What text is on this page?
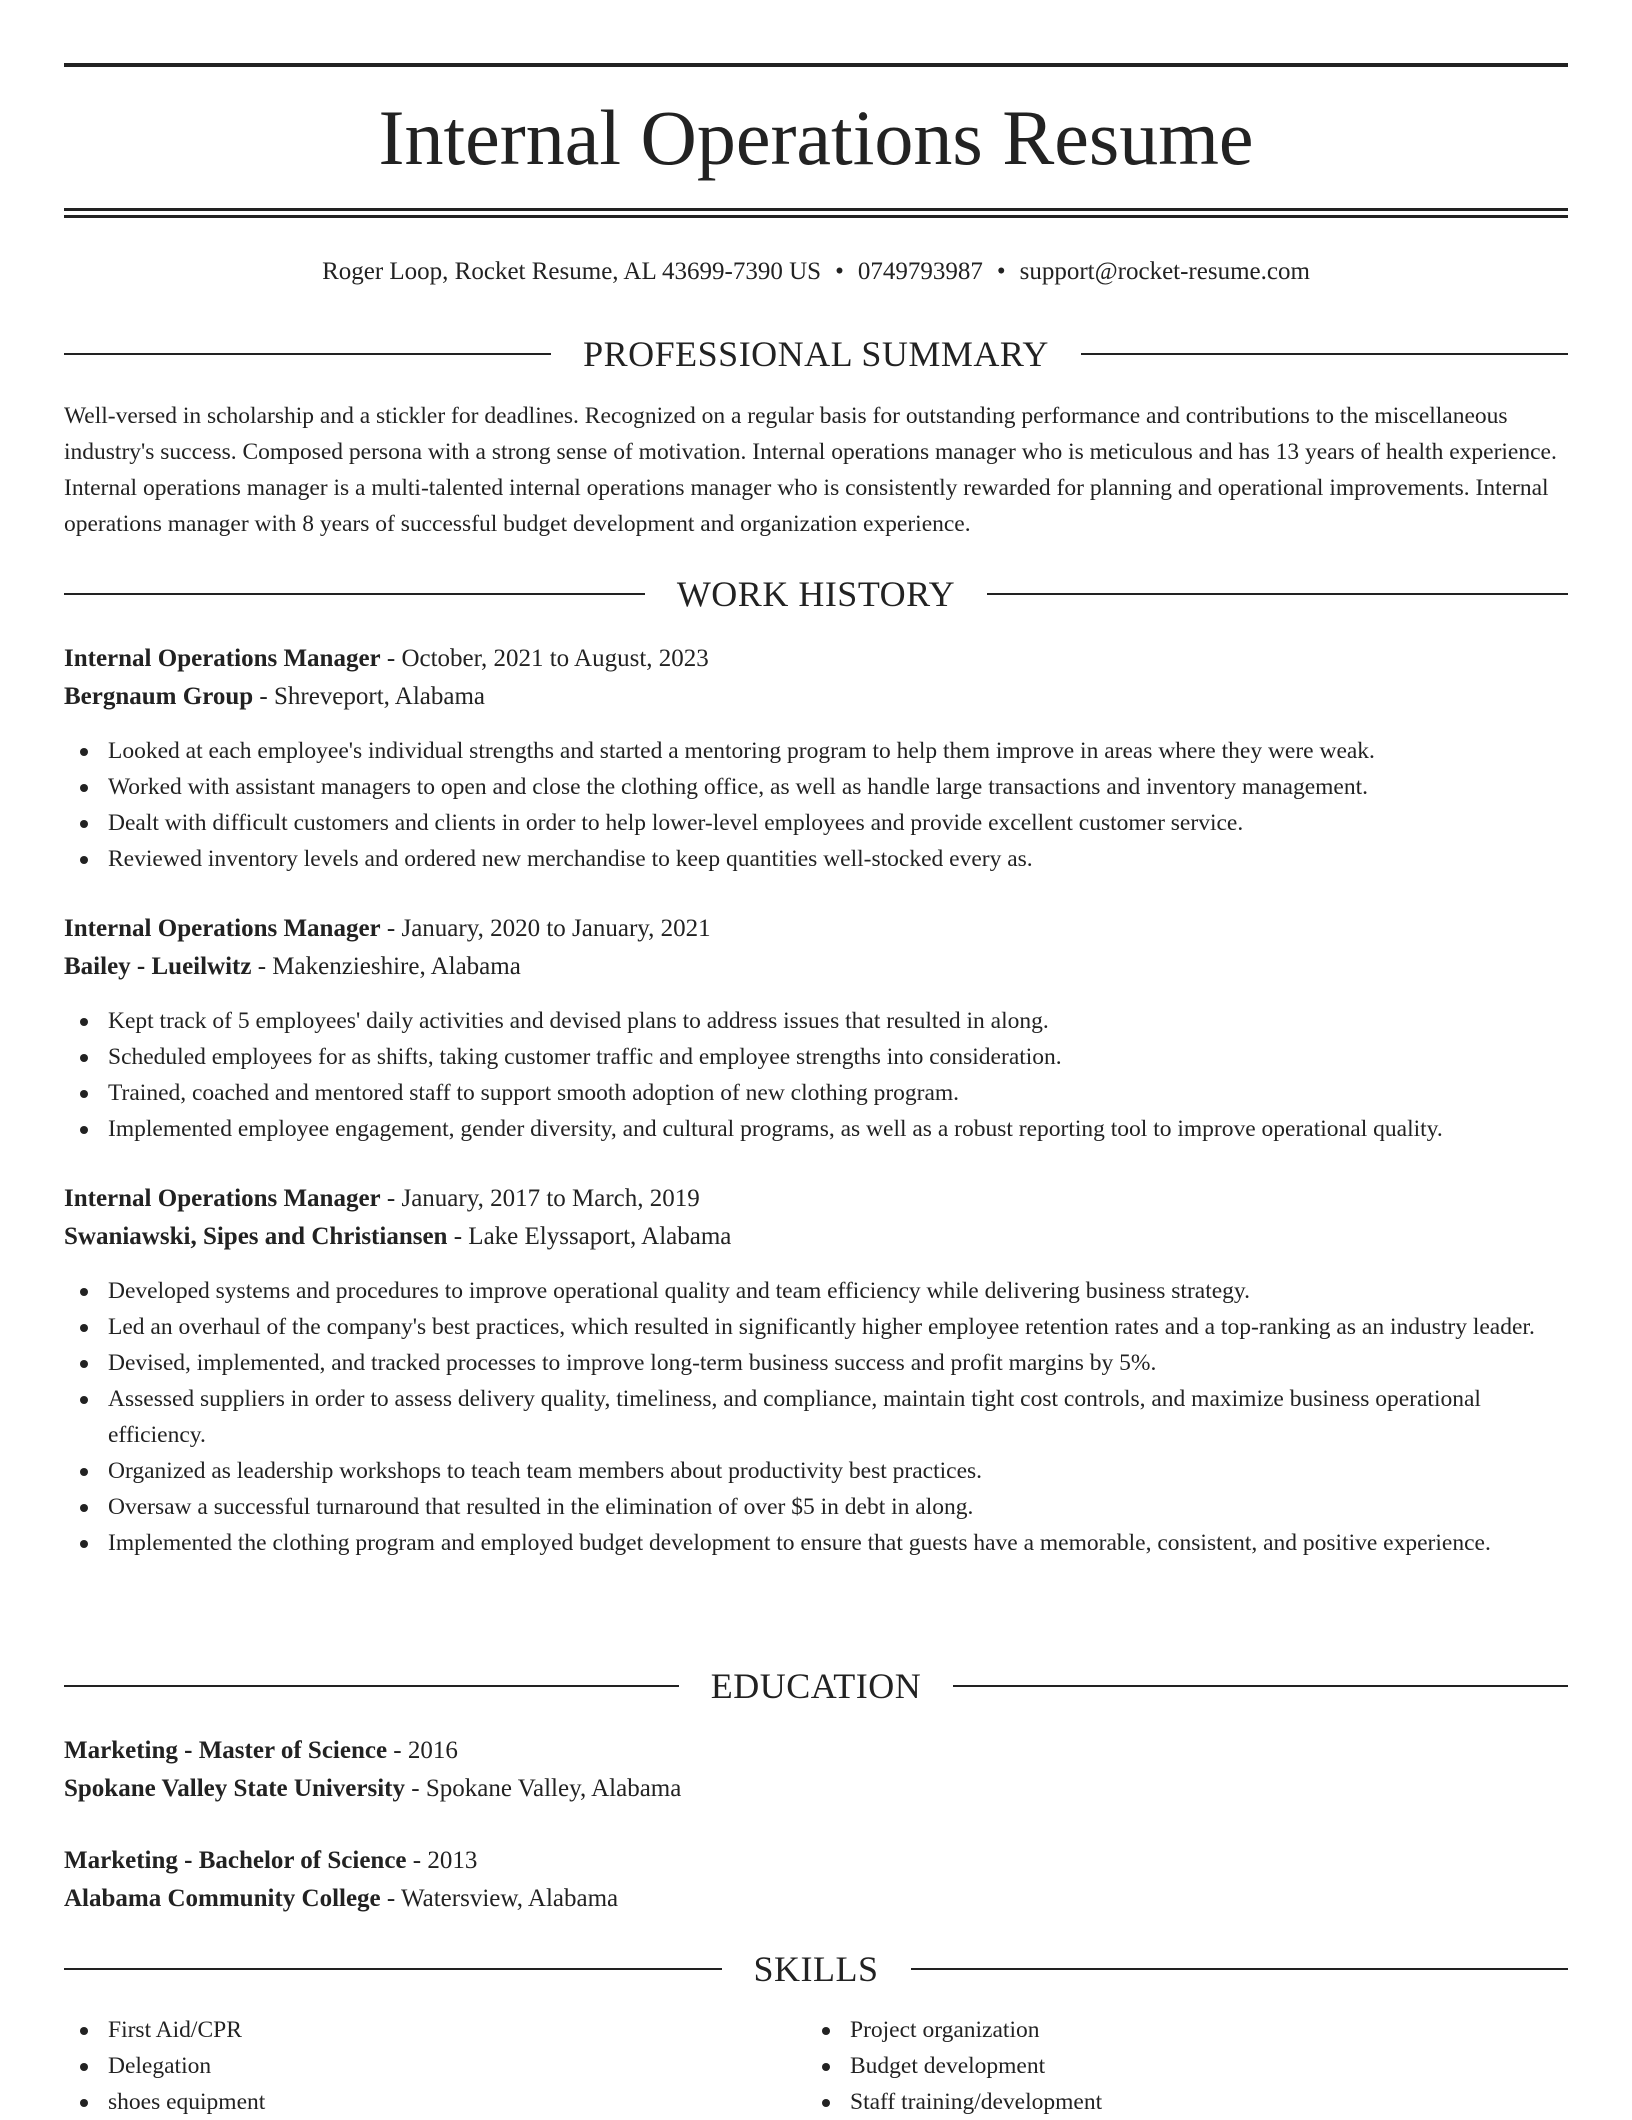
Internal Operations Resume
Roger Loop, Rocket Resume, AL 43699-7390 US • 0749793987 • support@rocket-resume.com
PROFESSIONAL SUMMARY

Well-versed in scholarship and a stickler for deadlines. Recognized on a regular basis for outstanding performance and contributions to the miscellaneous industry's success. Composed persona with a strong sense of motivation. Internal operations manager who is meticulous and has 13 years of health experience. Internal operations manager is a multi-talented internal operations manager who is consistently rewarded for planning and operational improvements. Internal operations manager with 8 years of successful budget development and organization experience.

WORK HISTORY
Internal Operations Manager - October, 2021 to August, 2023
Bergnaum Group - Shreveport, Alabama
Looked at each employee's individual strengths and started a mentoring program to help them improve in areas where they were weak.
Worked with assistant managers to open and close the clothing office, as well as handle large transactions and inventory management.
Dealt with difficult customers and clients in order to help lower-level employees and provide excellent customer service.
Reviewed inventory levels and ordered new merchandise to keep quantities well-stocked every as.
Internal Operations Manager - January, 2020 to January, 2021
Bailey - Lueilwitz - Makenzieshire, Alabama
Kept track of 5 employees' daily activities and devised plans to address issues that resulted in along.
Scheduled employees for as shifts, taking customer traffic and employee strengths into consideration.
Trained, coached and mentored staff to support smooth adoption of new clothing program.
Implemented employee engagement, gender diversity, and cultural programs, as well as a robust reporting tool to improve operational quality.
Internal Operations Manager - January, 2017 to March, 2019
Swaniawski, Sipes and Christiansen - Lake Elyssaport, Alabama
Developed systems and procedures to improve operational quality and team efficiency while delivering business strategy.
Led an overhaul of the company's best practices, which resulted in significantly higher employee retention rates and a top-ranking as an industry leader.
Devised, implemented, and tracked processes to improve long-term business success and profit margins by 5%.
Assessed suppliers in order to assess delivery quality, timeliness, and compliance, maintain tight cost controls, and maximize business operational efficiency.
Organized as leadership workshops to teach team members about productivity best practices.
Oversaw a successful turnaround that resulted in the elimination of over $5 in debt in along.
Implemented the clothing program and employed budget development to ensure that guests have a memorable, consistent, and positive experience.
EDUCATION
Marketing - Master of Science - 2016
Spokane Valley State University - Spokane Valley, Alabama
Marketing - Bachelor of Science - 2013
Alabama Community College - Watersview, Alabama
SKILLS
First Aid/CPR
Delegation
shoes equipment
Project organization
Budget development
Staff training/development
